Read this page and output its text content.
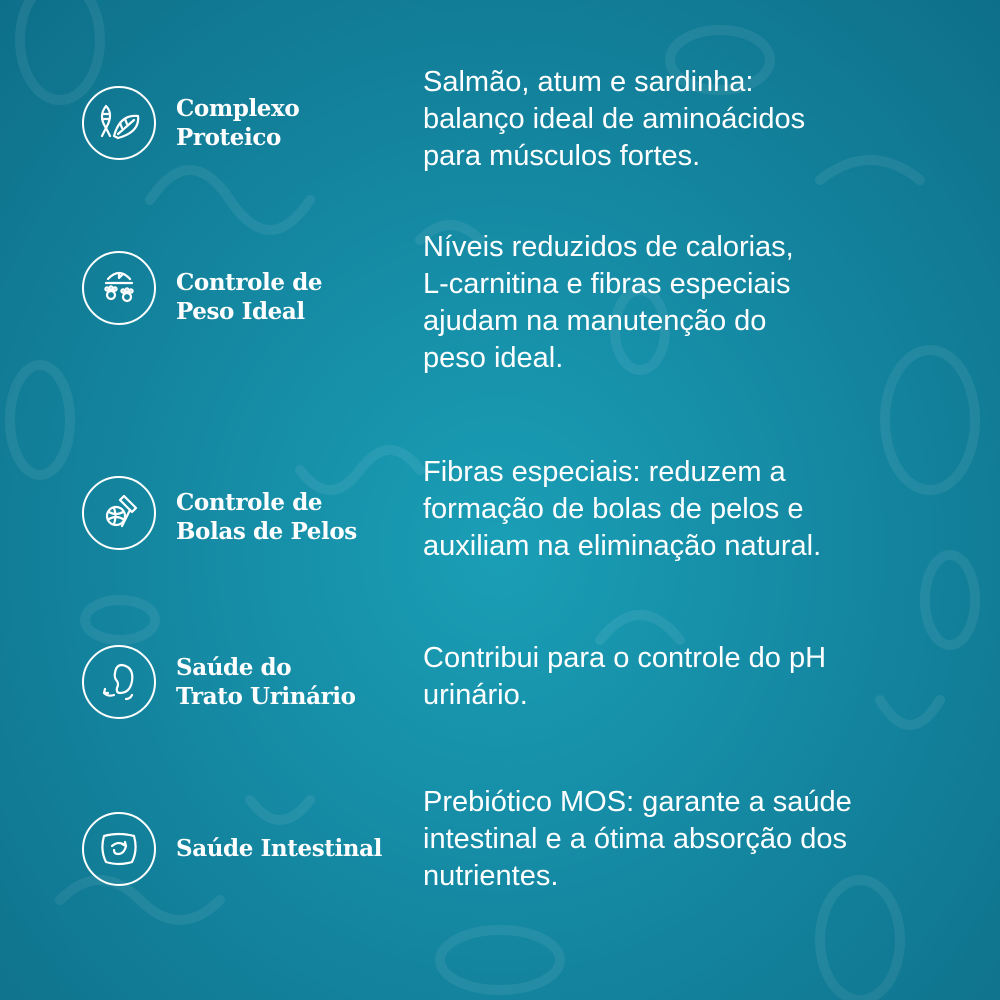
Complexo
Proteico
Salmão, atum e sardinha:
balanço ideal de aminoácidos
para músculos fortes.
Controle de
Peso Ideal
Níveis reduzidos de calorias,
L-carnitina e fibras especiais
ajudam na manutenção do
peso ideal.
Controle de
Bolas de Pelos
Fibras especiais: reduzem a
formação de bolas de pelos e
auxiliam na eliminação natural.
Saúde do
Trato Urinário
Contribui para o controle do pH
urinário.
Saúde Intestinal
Prebiótico MOS: garante a saúde
intestinal e a ótima absorção dos
nutrientes.
